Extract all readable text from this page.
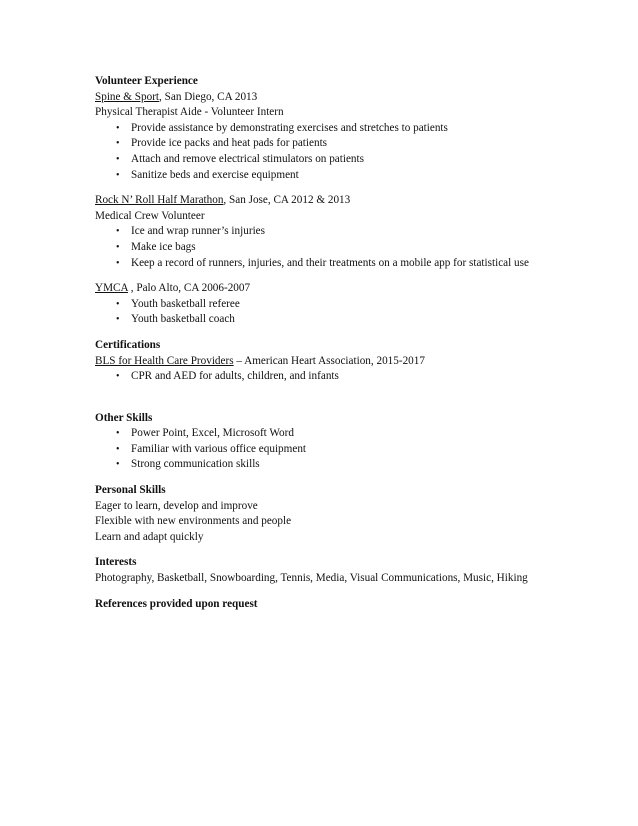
Volunteer Experience
Spine & Sport, San Diego, CA 2013
Physical Therapist Aide - Volunteer Intern
• Provide assistance by demonstrating exercises and stretches to patients
• Provide ice packs and heat pads for patients
• Attach and remove electrical stimulators on patients
• Sanitize beds and exercise equipment
Rock N’ Roll Half Marathon, San Jose, CA 2012 & 2013
Medical Crew Volunteer
• Ice and wrap runner’s injuries
• Make ice bags
• Keep a record of runners, injuries, and their treatments on a mobile app for statistical use
YMCA , Palo Alto, CA 2006-2007
• Youth basketball referee
• Youth basketball coach
Certifications
BLS for Health Care Providers – American Heart Association, 2015-2017
• CPR and AED for adults, children, and infants
Other Skills
• Power Point, Excel, Microsoft Word
• Familiar with various office equipment
• Strong communication skills
Personal Skills
Eager to learn, develop and improve
Flexible with new environments and people
Learn and adapt quickly
Interests
Photography, Basketball, Snowboarding, Tennis, Media, Visual Communications, Music, Hiking
References provided upon request
